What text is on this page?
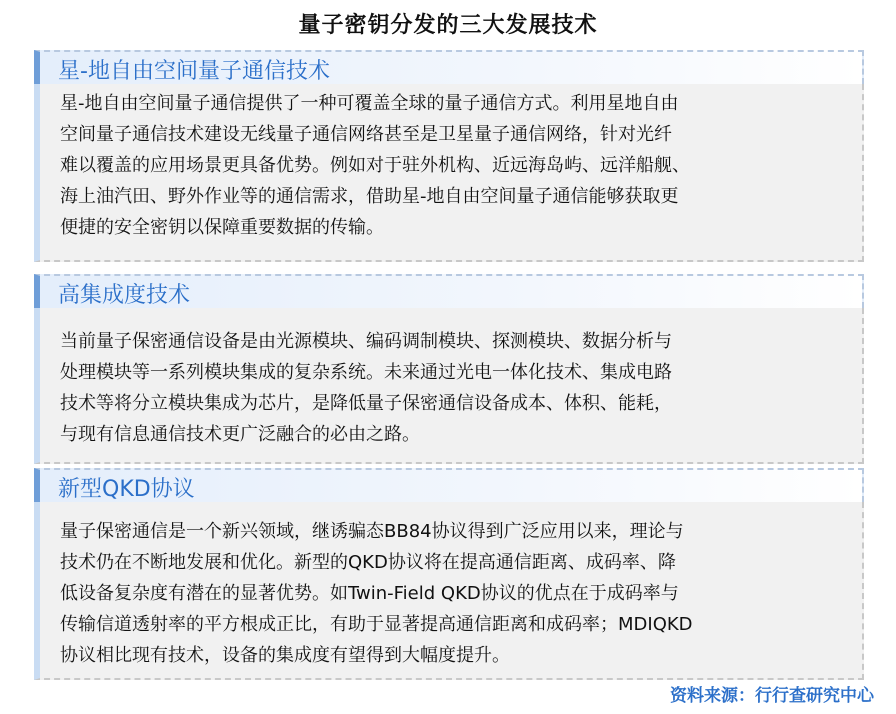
量子密钥分发的三大发展技术
星-地自由空间量子通信技术

星-地自由空间量子通信提供了一种可覆盖全球的量子通信方式。利用星地自由
空间量子通信技术建设无线量子通信网络甚至是卫星量子通信网络，针对光纤
难以覆盖的应用场景更具备优势。例如对于驻外机构、近远海岛屿、远洋船舰、
海上油汽田、野外作业等的通信需求，借助星-地自由空间量子通信能够获取更
便捷的安全密钥以保障重要数据的传输。

高集成度技术

当前量子保密通信设备是由光源模块、编码调制模块、探测模块、数据分析与
处理模块等一系列模块集成的复杂系统。未来通过光电一体化技术、集成电路
技术等将分立模块集成为芯片，是降低量子保密通信设备成本、体积、能耗，
与现有信息通信技术更广泛融合的必由之路。

新型QKD协议

量子保密通信是一个新兴领域，继诱骗态BB84协议得到广泛应用以来，理论与
技术仍在不断地发展和优化。新型的QKD协议将在提高通信距离、成码率、降
低设备复杂度有潜在的显著优势。如Twin-Field QKD协议的优点在于成码率与
传输信道透射率的平方根成正比，有助于显著提高通信距离和成码率；MDIQKD
协议相比现有技术，设备的集成度有望得到大幅度提升。

资料来源：行行查研究中心
